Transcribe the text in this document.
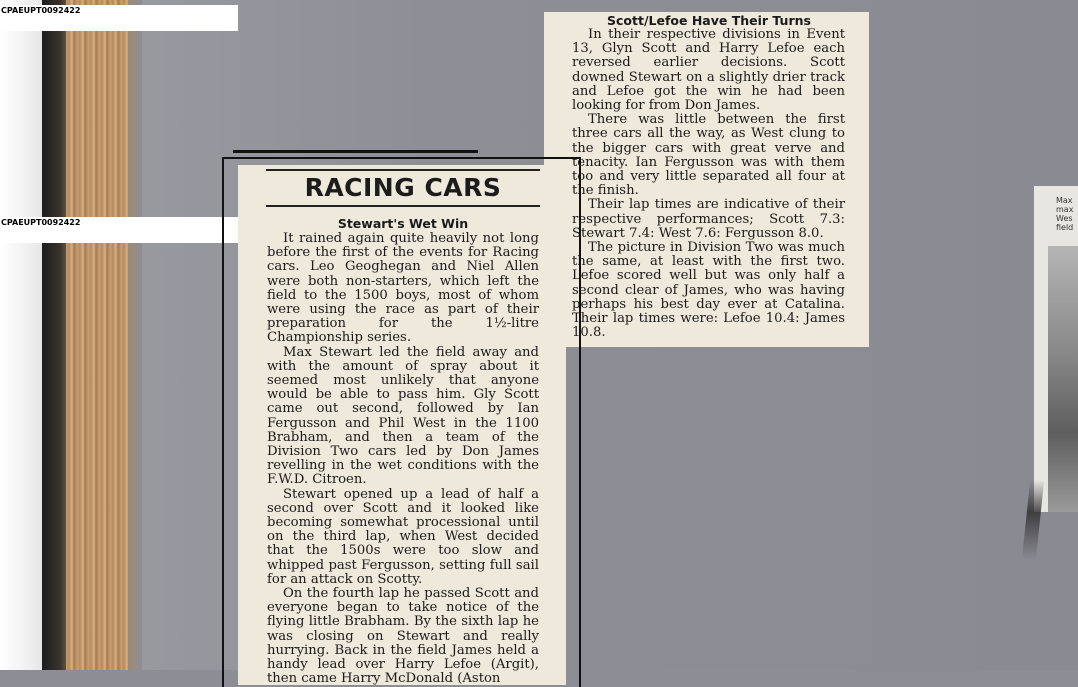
CPAEUPT0092422
CPAEUPT0092422
Scott/Lefoe Have Their Turns

In their respective divisions in Event 13, Glyn Scott and Harry Lefoe each reversed earlier decisions. Scott downed Stewart on a slightly drier track and Lefoe got the win he had been looking for from Don James.

There was little between the first three cars all the way, as West clung to the bigger cars with great verve and tenacity. Ian Fergusson was with them too and very little separated all four at the finish.

Their lap times are indicative of their respective performances; Scott 7.3: Stewart 7.4: West 7.6: Fergusson 8.0.

The picture in Division Two was much the same, at least with the first two. Lefoe scored well but was only half a second clear of James, who was having perhaps his best day ever at Catalina. Their lap times were: Lefoe 10.4: James 10.8.

RACING CARS
Stewart's Wet Win

It rained again quite heavily not long before the first of the events for Racing cars. Leo Geoghegan and Niel Allen were both non-starters, which left the field to the 1500 boys, most of whom were using the race as part of their preparation for the 1½-litre Championship series.

Max Stewart led the field away and with the amount of spray about it seemed most unlikely that anyone would be able to pass him. Gly Scott came out second, followed by Ian Fergusson and Phil West in the 1100 Brabham, and then a team of the Division Two cars led by Don James revelling in the wet conditions with the F.W.D. Citroen.

Stewart opened up a lead of half a second over Scott and it looked like becoming somewhat processional until on the third lap, when West decided that the 1500s were too slow and whipped past Fergusson, setting full sail for an attack on Scotty.

On the fourth lap he passed Scott and everyone began to take notice of the flying little Brabham. By the sixth lap he was closing on Stewart and really hurrying. Back in the field James held a handy lead over Harry Lefoe (Argit), then came Harry McDonald (Aston

Max
max
Wes
field
